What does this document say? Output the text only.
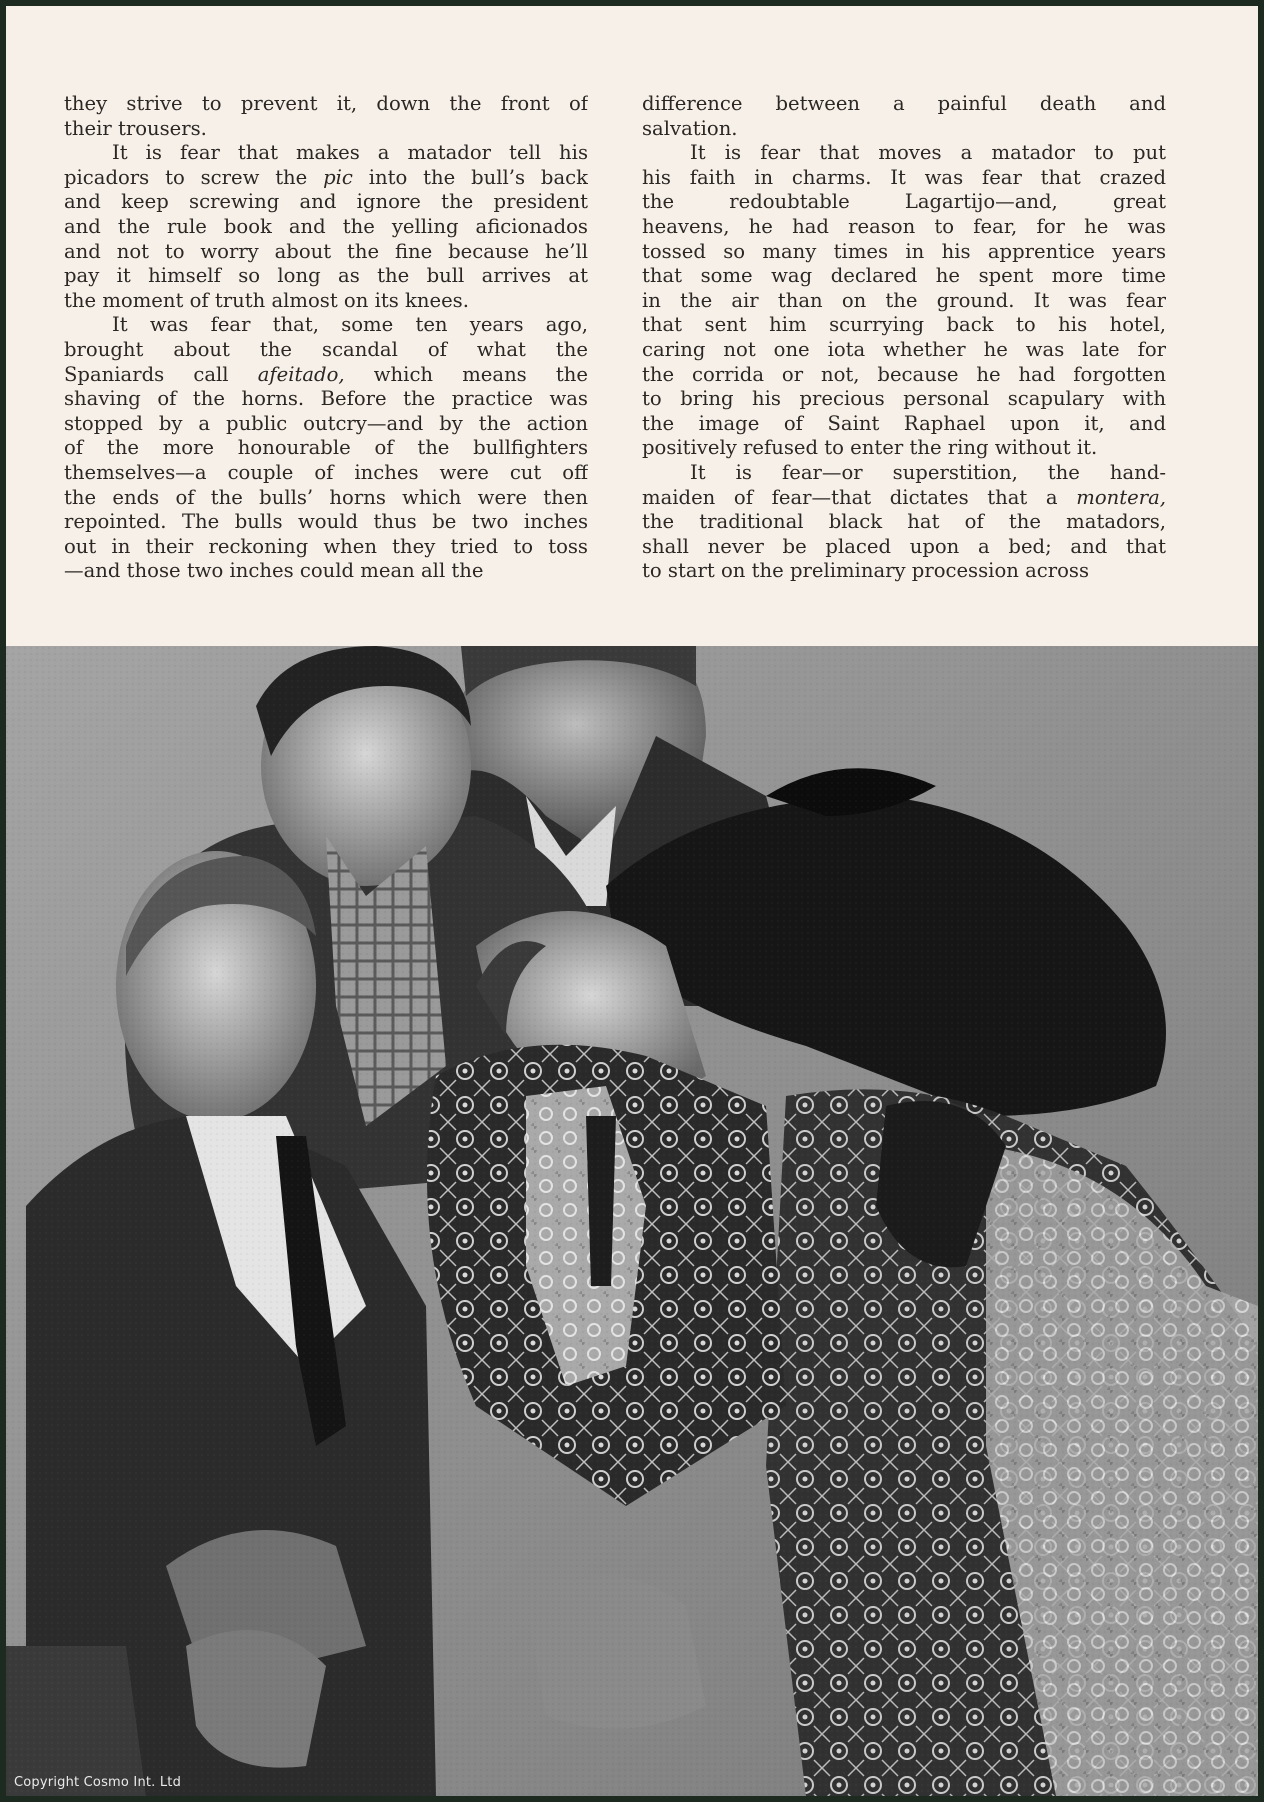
they strive to prevent it, down the front of
their trousers.

It is fear that makes a matador tell his
picadors to screw the pic into the bull’s back
and keep screwing and ignore the president
and the rule book and the yelling aficionados
and not to worry about the fine because he’ll
pay it himself so long as the bull arrives at
the moment of truth almost on its knees.

It was fear that, some ten years ago,
brought about the scandal of what the
Spaniards call afeitado, which means the
shaving of the horns. Before the practice was
stopped by a public outcry—and by the action
of the more honourable of the bullfighters
themselves—a couple of inches were cut off
the ends of the bulls’ horns which were then
repointed. The bulls would thus be two inches
out in their reckoning when they tried to toss
—and those two inches could mean all the

difference between a painful death and
salvation.

It is fear that moves a matador to put
his faith in charms. It was fear that crazed
the redoubtable Lagartijo—and, great
heavens, he had reason to fear, for he was
tossed so many times in his apprentice years
that some wag declared he spent more time
in the air than on the ground. It was fear
that sent him scurrying back to his hotel,
caring not one iota whether he was late for
the corrida or not, because he had forgotten
to bring his precious personal scapulary with
the image of Saint Raphael upon it, and
positively refused to enter the ring without it.

It is fear—or superstition, the hand-
maiden of fear—that dictates that a montera,
the traditional black hat of the matadors,
shall never be placed upon a bed; and that
to start on the preliminary procession across

Copyright Cosmo Int. Ltd
